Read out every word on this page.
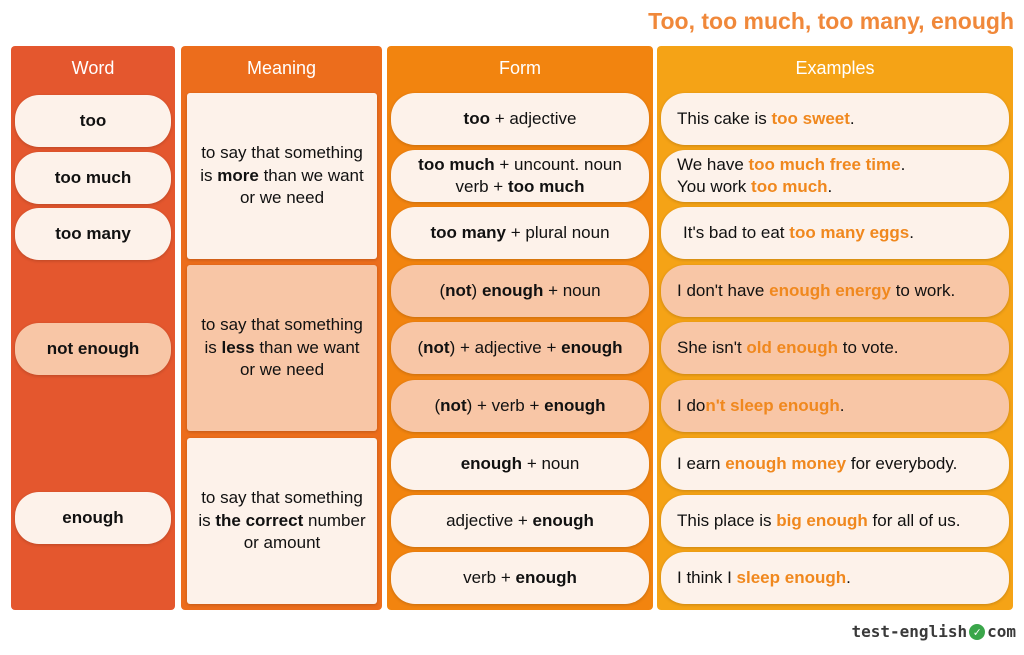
Too, too much, too many, enough
Word
too
too much
too many
not enough
enough
Meaning
to say that something is more than we want or we need
to say that something is less than we want or we need
to say that something is the correct number or amount
Form
too + adjective
too much + uncount. noun
verb + too much
too many + plural noun
(not) enough + noun
(not) + adjective + enough
(not) + verb + enough
enough + noun
adjective + enough
verb + enough
Examples
This cake is too sweet.
We have too much free time.
You work too much.
It's bad to eat too many eggs.
I don't have enough energy to work.
She isn't old enough to vote.
I don't sleep enough.
I earn enough money for everybody.
This place is big enough for all of us.
I think I sleep enough.
test-english ✓ com
